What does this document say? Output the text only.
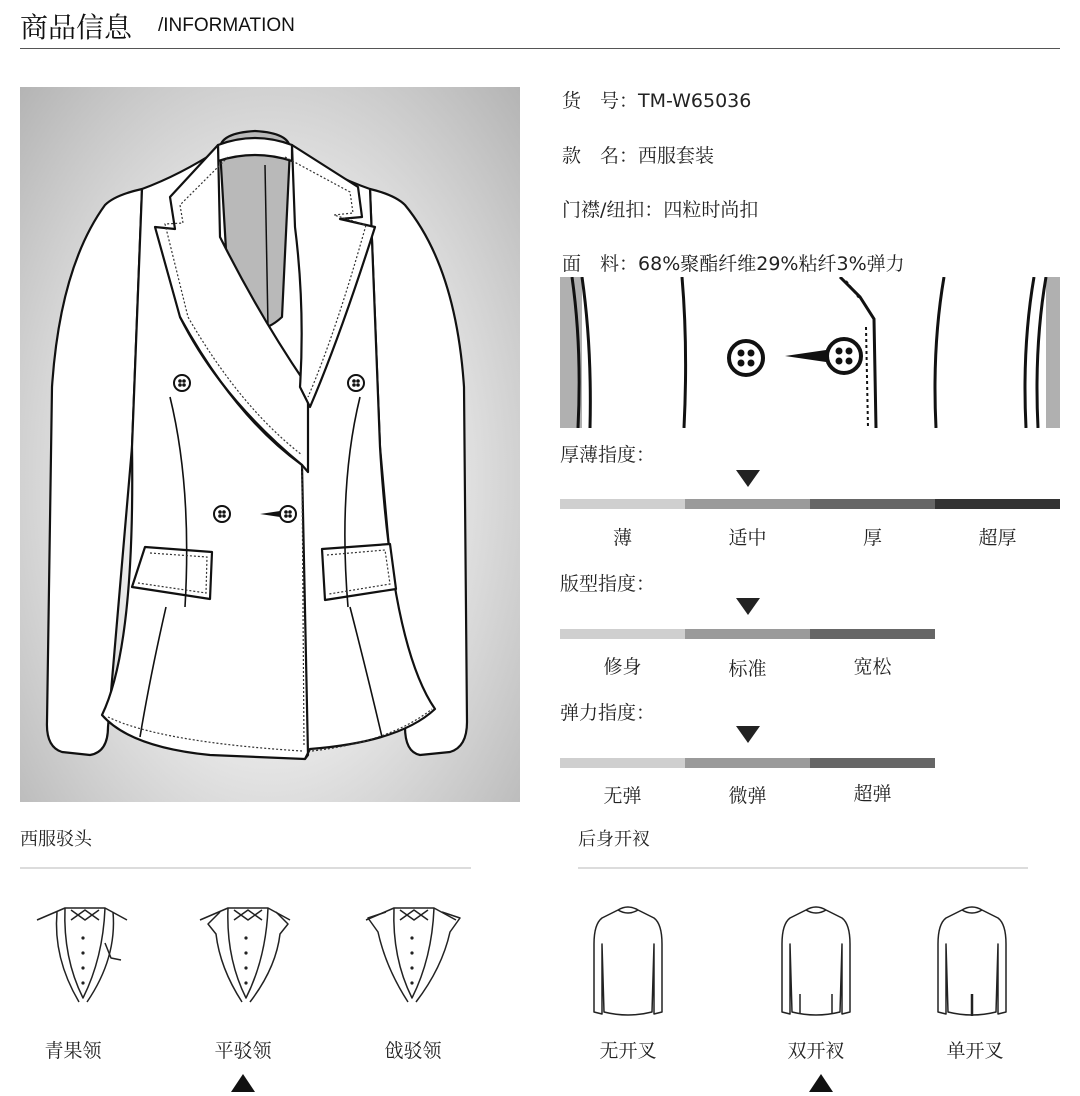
商品信息 /INFORMATION
货　号：TM-W65036
款　名：西服套装
门襟/纽扣：四粒时尚扣
面　料：68%聚酯纤维29%粘纤3%弹力
厚薄指度：
薄	适中	厚	超厚
版型指度：
修身	标准	宽松
弹力指度：
无弹	微弹	超弹
西服驳头
青果领	平驳领	戗驳领
后身开衩
无开叉	双开衩	单开叉
